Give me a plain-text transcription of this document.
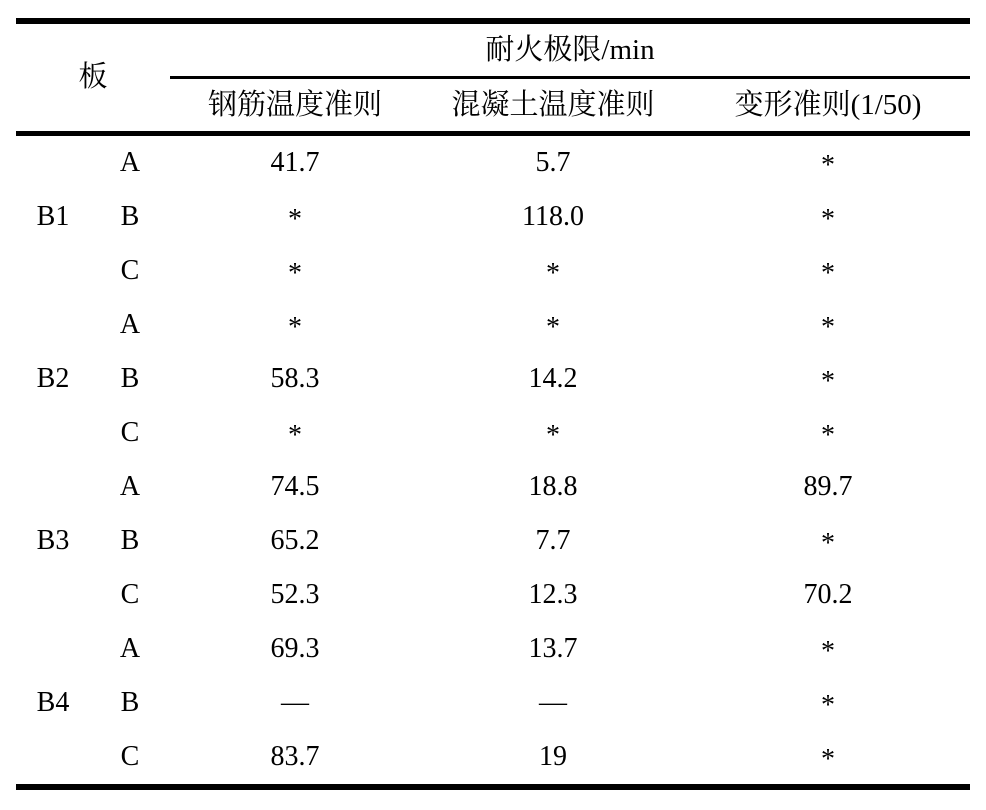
板		耐火极限/min		
		钢筋温度准则	混凝土温度准则	变形准则(1/50)
B1	A	41.7	5.7	*
	B	*	118.0	*
	C	*	*	*
B2	A	*	*	*
	B	58.3	14.2	*
	C	*	*	*
B3	A	74.5	18.8	89.7
	B	65.2	7.7	*
	C	52.3	12.3	70.2
B4	A	69.3	13.7	*
	B	—	—	*
	C	83.7	19	*
